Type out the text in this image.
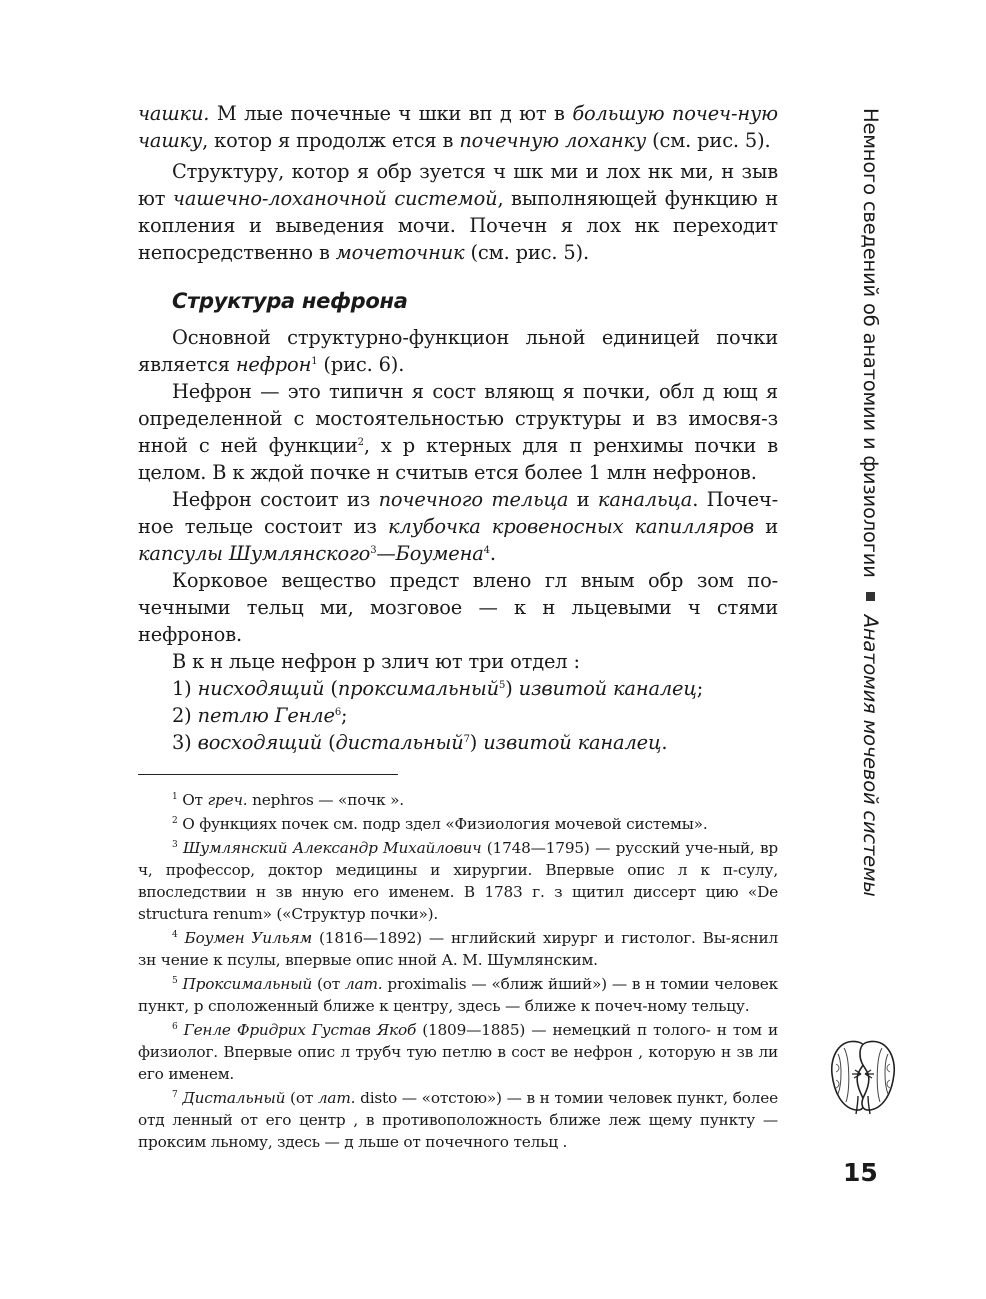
чашки. М лые почечные ч шки вп д ют в большую почеч-ную чашку, котор я продолж ется в почечную лоханку (см. рис. 5).

Структуру, котор я обр зуется ч шк ми и лох нк ми, н зыв ют чашечно-лоханочной системой, выполняющей функцию н копления и выведения мочи. Почечн я лох нк переходит непосредственно в мочеточник (см. рис. 5).

Структура нефрона

Основной структурно-функцион льной единицей почки является нефрон$^1$ (рис. 6).

Нефрон — это типичн я сост вляющ я почки, обл д ющ я определенной с мостоятельностью структуры и вз имосвя-з нной с ней функции$^2$, х р ктерных для п ренхимы почки в целом. В к ждой почке н считыв ется более 1 млн нефронов.

Нефрон состоит из почечного тельца и канальца. Почеч-ное тельце состоит из клубочка кровеносных капилляров и капсулы Шумлянского$^3$—Боумена$^4$.

Корковое вещество предст влено гл вным обр зом по-чечными тельц ми, мозговое — к н льцевыми ч стями нефронов.

В к н льце нефрон р злич ют три отдел :

1) нисходящий (проксимальный$^5$) извитой каналец;

2) петлю Генле$^6$;

3) восходящий (дистальный$^7$) извитой каналец.

$^1$ От греч. nephros — «почк ».

$^2$ О функциях почек см. подр здел «Физиология мочевой системы».

$^3$ Шумлянский Александр Михайлович (1748—1795) — русский уче-ный, вр ч, профессор, доктор медицины и хирургии. Впервые опис л к п-сулу, впоследствии н зв нную его именем. В 1783 г. з щитил диссерт цию «De structura renum» («Структур почки»).

$^4$ Боумен Уильям (1816—1892) — нглийский хирург и гистолог. Вы-яснил зн чение к псулы, впервые опис нной А. М. Шумлянским.

$^5$ Проксимальный (от лат. proximalis — «ближ йший») — в н томии человек пункт, р сположенный ближе к центру, здесь — ближе к почеч-ному тельцу.

$^6$ Генле Фридрих Густав Якоб (1809—1885) — немецкий п толого- н том и физиолог. Впервые опис л трубч тую петлю в сост ве нефрон , которую н зв ли его именем.

$^7$ Дистальный (от лат. disto — «отстою») — в н томии человек пункт, более отд ленный от его центр , в противоположность ближе леж щему пункту — проксим льному, здесь — д льше от почечного тельц .

Немного сведений об анатомии и физиологии
Анатомия мочевой системы
15
